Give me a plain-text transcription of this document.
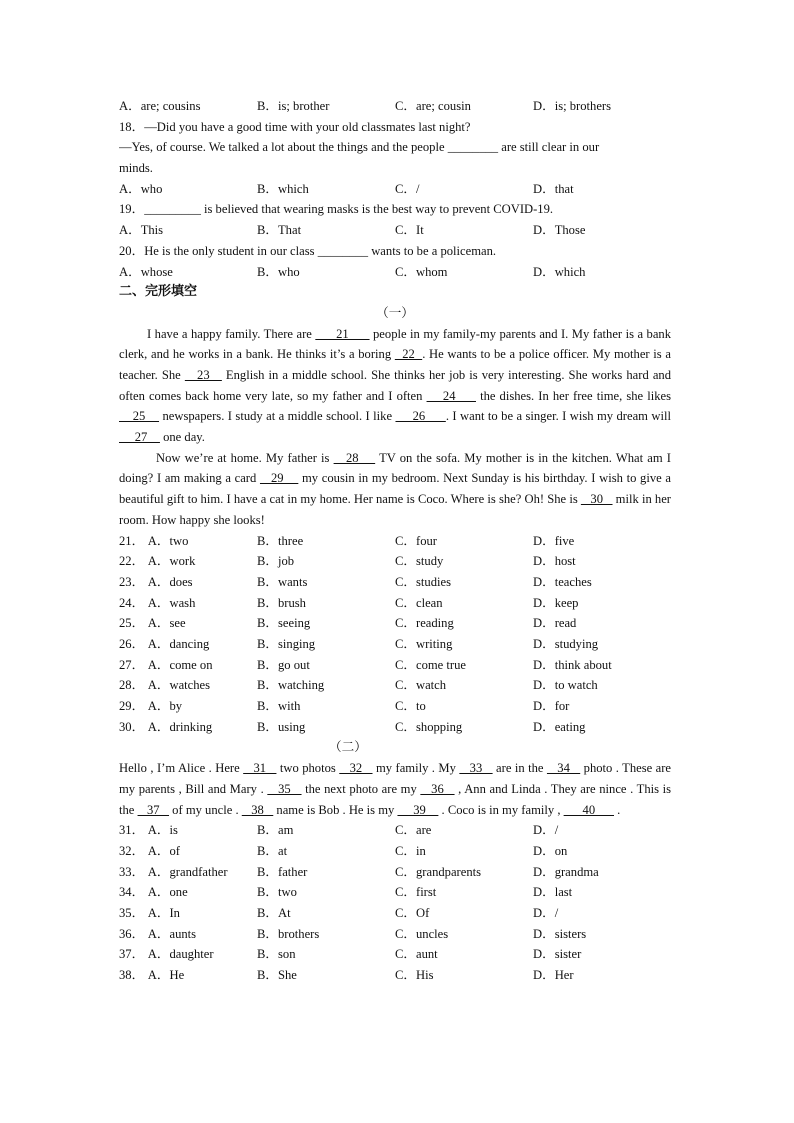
A．are; cousins	B．is; brother	C．are; cousin	D．is; brothers
18．—Did you have a good time with your old classmates last night?
—Yes, of course. We talked a lot about the things and the people ________ are still clear in our
minds.
A．who	B．which	C．/	D．that
19．_________ is believed that wearing masks is the best way to prevent COVID-19.
A．This	B．That	C．It	D．Those
20．He is the only student in our class ________ wants to be a policeman.
A．whose	B．who	C．whom	D．which
二、完形填空
（一）
I have a happy family. There are       21       people in my family-my parents and I. My father is a bank clerk, and he works in a bank. He thinks it’s a boring   22  . He wants to be a police officer. My mother is a teacher. She    23    English in a middle school. She thinks her job is very interesting. She works hard and often comes back home very late, so my father and I often     24      the dishes. In her free time, she likes     25     newspapers. I study at a middle school. I like      26      . I want to be a singer. I wish my dream will      27     one day.
Now we’re at home. My father is    28     TV on the sofa. My mother is in the kitchen. What am I doing? I am making a card    29     my cousin in my bedroom. Next Sunday is his birthday. I wish to give a beautiful gift to him. I have a cat in my home. Her name is Coco. Where is she? Oh! She is    30    milk in her room. How happy she looks!
21． A．two	B．three	C．four	D．five
22． A．work	B．job	C．study	D．host
23． A．does	B．wants	C．studies	D．teaches
24． A．wash	B．brush	C．clean	D．keep
25． A．see	B．seeing	C．reading	D．read
26． A．dancing	B．singing	C．writing	D．studying
27． A．come on	B．go out	C．come true	D．think about
28． A．watches	B．watching	C．watch	D．to watch
29． A．by	B．with	C．to	D．for
30． A．drinking	B．using	C．shopping	D．eating
（二）
Hello , I’m Alice . Here    31    two photos    32    my family . My    33    are in the    34    photo . These are my parents , Bill and Mary .    35    the next photo are my    36    , Ann and Linda . They are nince . This is the    37    of my uncle .    38    name is Bob . He is my      39     . Coco is in my family ,       40       .
31． A．is	B．am	C．are	D．/
32． A．of	B．at	C．in	D．on
33． A．grandfather	B．father	C．grandparents	D．grandma
34． A．one	B．two	C．first	D．last
35． A．In	B．At	C．Of	D．/
36． A．aunts	B．brothers	C．uncles	D．sisters
37． A．daughter	B．son	C．aunt	D．sister
38． A．He	B．She	C．His	D．Her
